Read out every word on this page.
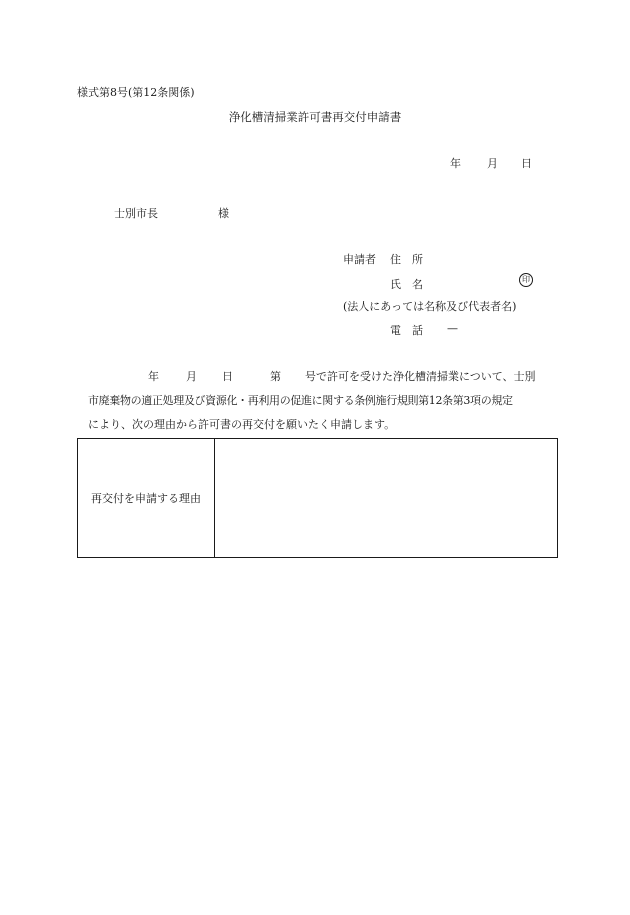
様式第8号(第12条関係)
浄化槽清掃業許可書再交付申請書
年 月 日
士別市長	様
申請者 住　所
氏　名	印
(法人にあっては名称及び代表者名)
電　話 —
年 月 日	第 号で許可を受けた浄化槽清掃業について、士別
市廃棄物の適正処理及び資源化・再利用の促進に関する条例施行規則第12条第3項の規定
により、次の理由から許可書の再交付を願いたく申請します。
再交付を申請する理由	
